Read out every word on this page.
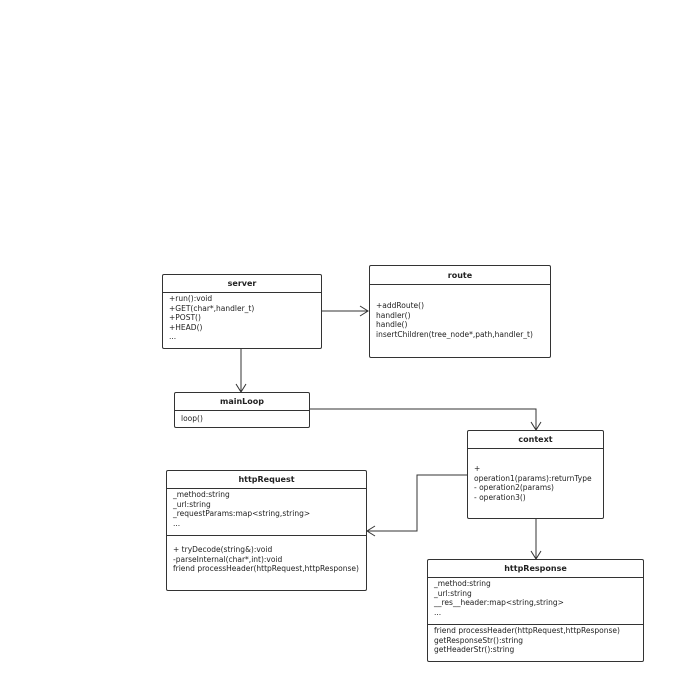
server
+run():void
+GET(char*,handler_t)
+POST()
+HEAD()
...
route
+addRoute()
handler()
handle()
insertChildren(tree_node*,path,handler_t)
mainLoop
loop()
context
+
operation1(params):returnType
- operation2(params)
- operation3()
httpRequest
_method:string
_url:string
_requestParams:map<string,string>
...
+ tryDecode(string&):void
-parseInternal(char*,int):void
friend processHeader(httpRequest,httpResponse)	httpResponse
_method:string
_url:string
__res__header:map<string,string>
...
friend processHeader(httpRequest,httpResponse)
getResponseStr():string
getHeaderStr():string
